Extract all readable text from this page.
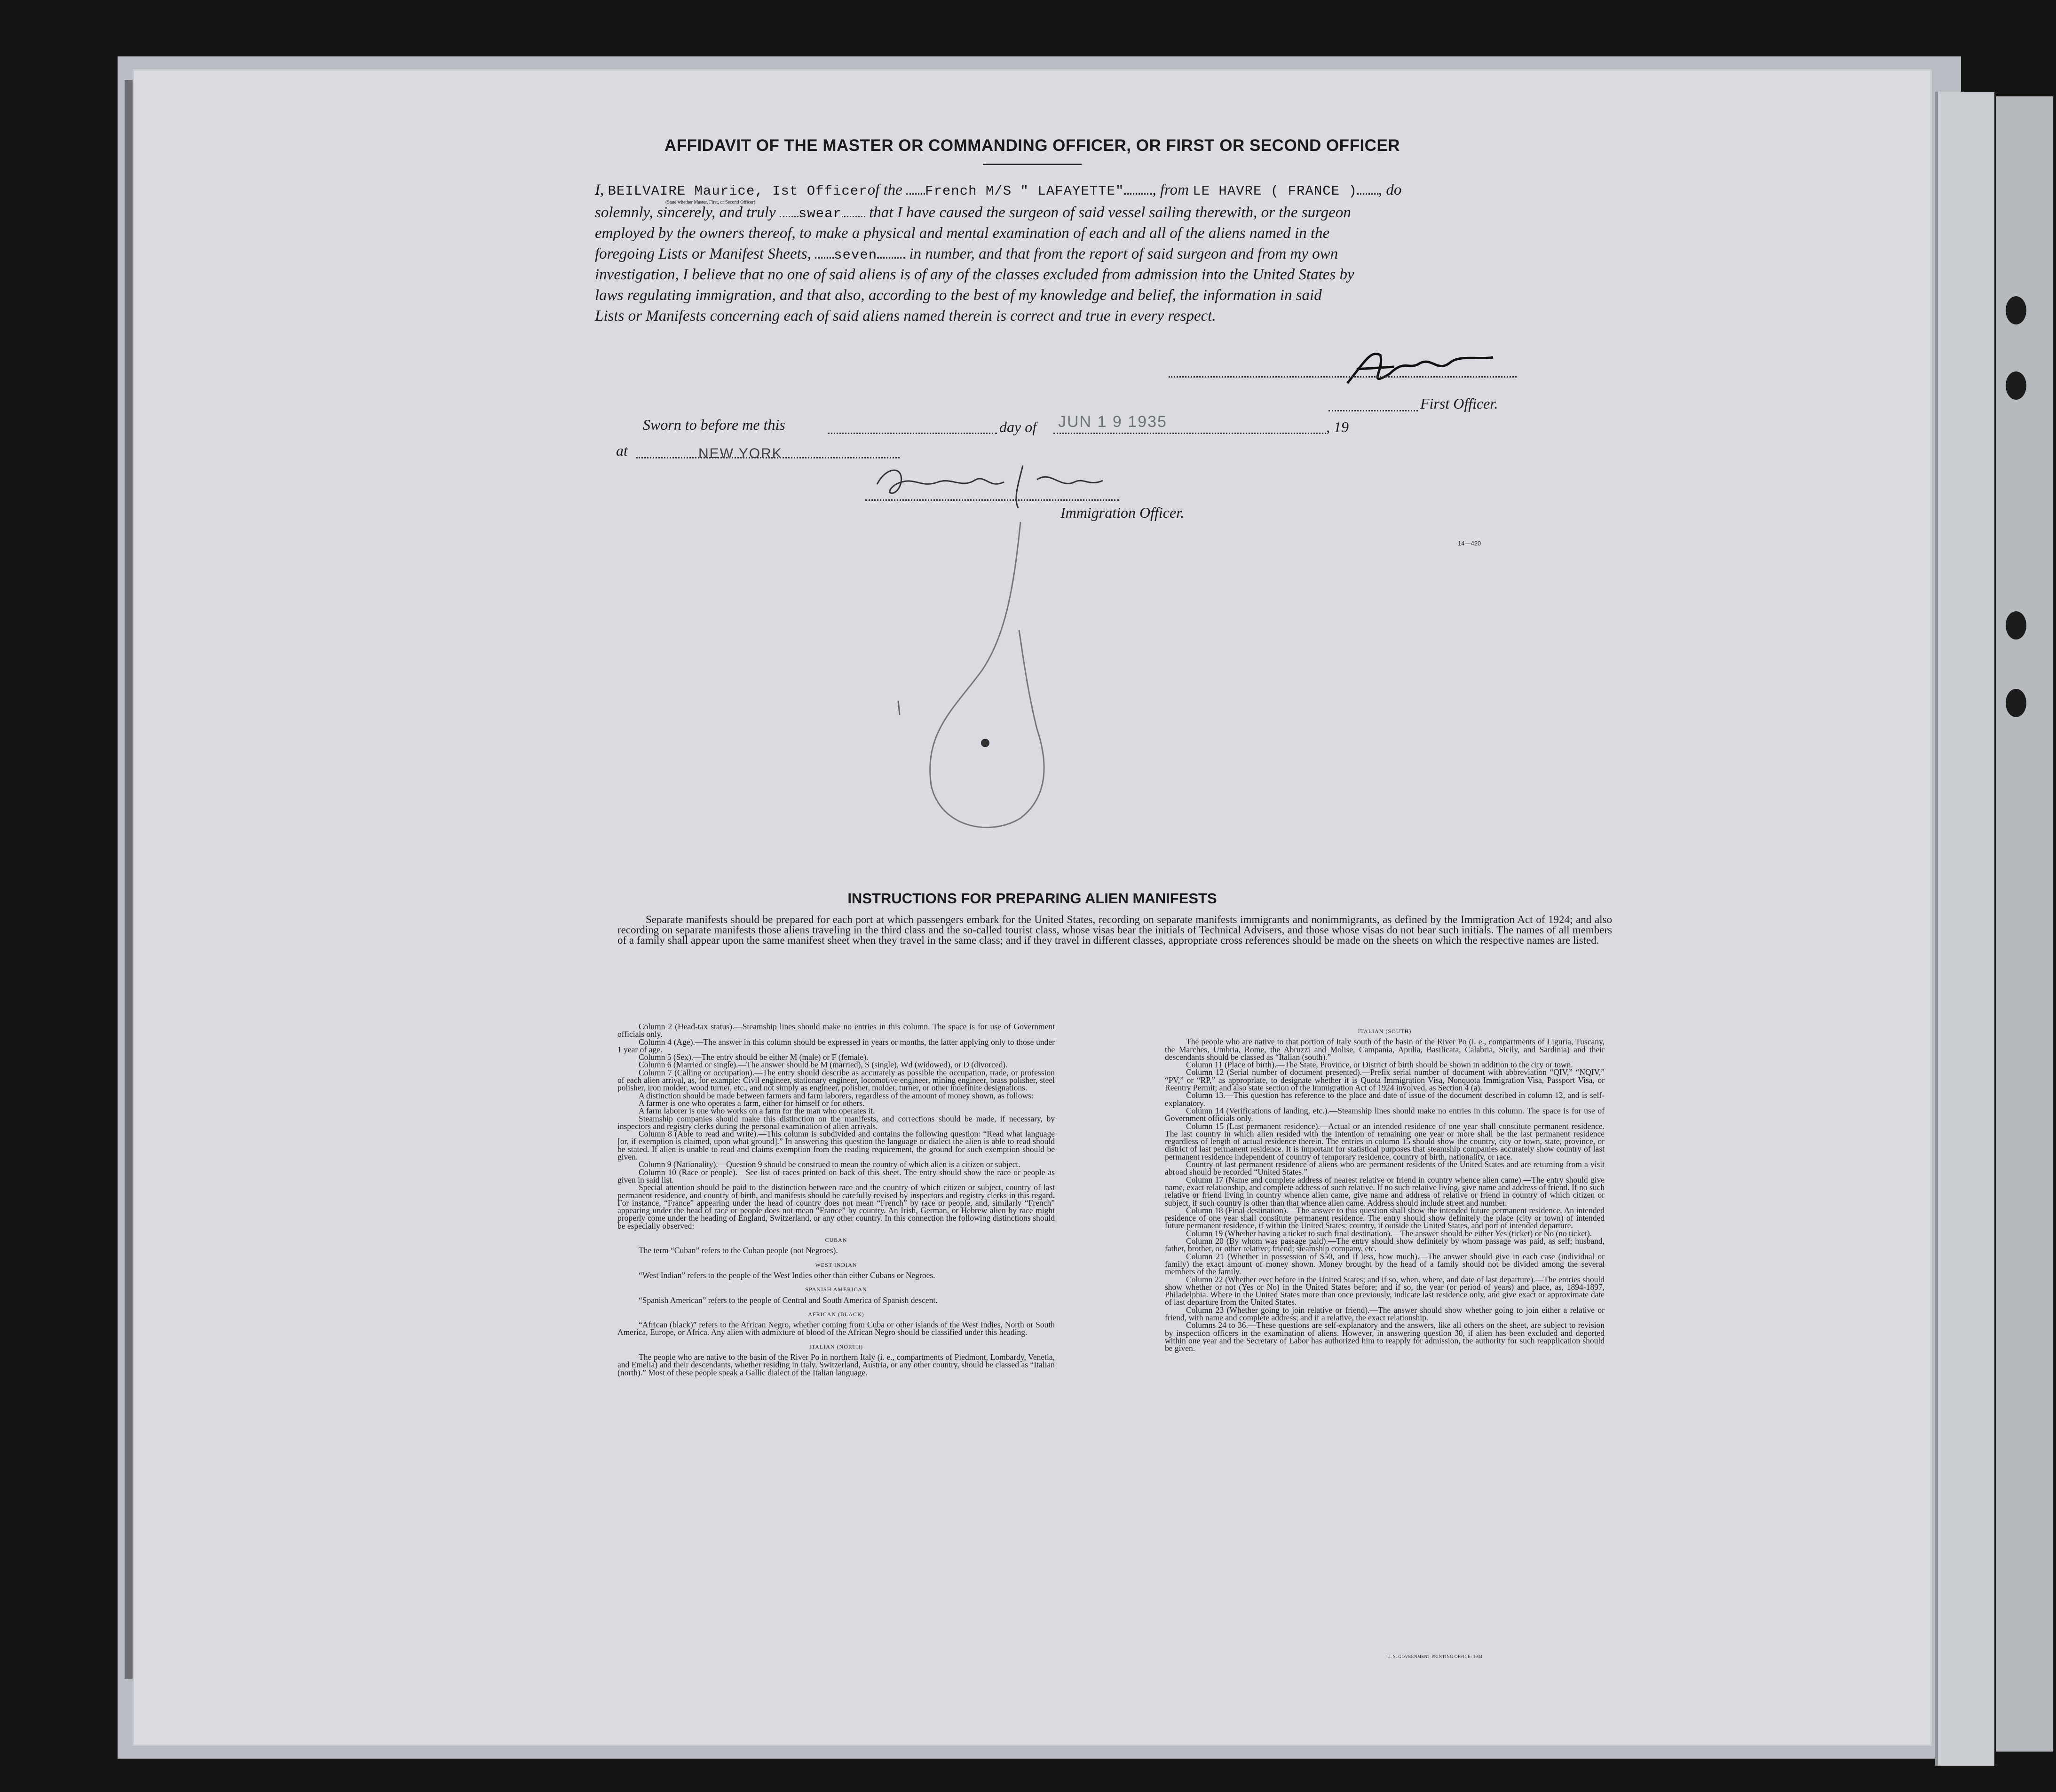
AFFIDAVIT OF THE MASTER OR COMMANDING OFFICER, OR FIRST OR SECOND OFFICER
I, BEILVAIRE Maurice, Ist Officerof the French M/S " LAFAYETTE" , from LE HAVRE ( FRANCE ) , do
(State whether Master, First, or Second Officer)
solemnly, sincerely, and truly swear that I have caused the surgeon of said vessel sailing therewith, or the surgeon
employed by the owners thereof, to make a physical and mental examination of each and all of the aliens named in the
foregoing Lists or Manifest Sheets, seven in number, and that from the report of said surgeon and from my own
investigation, I believe that no one of said aliens is of any of the classes excluded from admission into the United States by
laws regulating immigration, and that also, according to the best of my knowledge and belief, the information in said
Lists or Manifests concerning each of said aliens named therein is correct and true in every respect.
First Officer.
Sworn to before me this	day of JUN 1 9 1935	, 19
at	NEW YORK
Immigration Officer.
14—420
INSTRUCTIONS FOR PREPARING ALIEN MANIFESTS
Separate manifests should be prepared for each port at which passengers embark for the United States, recording on separate manifests immigrants and nonimmigrants, as defined by the Immigration Act of 1924; and also recording on separate manifests those aliens traveling in the third class and the so-called tourist class, whose visas bear the initials of Technical Advisers, and those whose visas do not bear such initials. The names of all members of a family shall appear upon the same manifest sheet when they travel in the same class; and if they travel in different classes, appropriate cross references should be made on the sheets on which the respective names are listed.

Column 2 (Head-tax status).—Steamship lines should make no entries in this column. The space is for use of Government officials only.

Column 4 (Age).—The answer in this column should be expressed in years or months, the latter applying only to those under 1 year of age.

Column 5 (Sex).—The entry should be either M (male) or F (female).

Column 6 (Married or single).—The answer should be M (married), S (single), Wd (widowed), or D (divorced).

Column 7 (Calling or occupation).—The entry should describe as accurately as possible the occupation, trade, or profession of each alien arrival, as, for example: Civil engineer, stationary engineer, locomotive engineer, mining engineer, brass polisher, steel polisher, iron molder, wood turner, etc., and not simply as engineer, polisher, molder, turner, or other indefinite designations.

A distinction should be made between farmers and farm laborers, regardless of the amount of money shown, as follows:

A farmer is one who operates a farm, either for himself or for others.

A farm laborer is one who works on a farm for the man who operates it.

Steamship companies should make this distinction on the manifests, and corrections should be made, if necessary, by inspectors and registry clerks during the personal examination of alien arrivals.

Column 8 (Able to read and write).—This column is subdivided and contains the following question: “Read what language [or, if exemption is claimed, upon what ground].” In answering this question the language or dialect the alien is able to read should be stated. If alien is unable to read and claims exemption from the reading requirement, the ground for such exemption should be given.

Column 9 (Nationality).—Question 9 should be construed to mean the country of which alien is a citizen or subject.

Column 10 (Race or people).—See list of races printed on back of this sheet. The entry should show the race or people as given in said list.

Special attention should be paid to the distinction between race and the country of which citizen or subject, country of last permanent residence, and country of birth, and manifests should be carefully revised by inspectors and registry clerks in this regard. For instance, “France” appearing under the head of country does not mean “French” by race or people, and, similarly “French” appearing under the head of race or people does not mean “France” by country. An Irish, German, or Hebrew alien by race might properly come under the heading of England, Switzerland, or any other country. In this connection the following distinctions should be especially observed:

CUBAN

The term “Cuban” refers to the Cuban people (not Negroes).

WEST INDIAN

“West Indian” refers to the people of the West Indies other than either Cubans or Negroes.

SPANISH AMERICAN

“Spanish American” refers to the people of Central and South America of Spanish descent.

AFRICAN (BLACK)

“African (black)” refers to the African Negro, whether coming from Cuba or other islands of the West Indies, North or South America, Europe, or Africa. Any alien with admixture of blood of the African Negro should be classified under this heading.

ITALIAN (NORTH)

The people who are native to the basin of the River Po in northern Italy (i. e., compartments of Piedmont, Lombardy, Venetia, and Emelia) and their descendants, whether residing in Italy, Switzerland, Austria, or any other country, should be classed as “Italian (north).” Most of these people speak a Gallic dialect of the Italian language.

ITALIAN (SOUTH)

The people who are native to that portion of Italy south of the basin of the River Po (i. e., compartments of Liguria, Tuscany, the Marches, Umbria, Rome, the Abruzzi and Molise, Campania, Apulia, Basilicata, Calabria, Sicily, and Sardinia) and their descendants should be classed as “Italian (south).”

Column 11 (Place of birth).—The State, Province, or District of birth should be shown in addition to the city or town.

Column 12 (Serial number of document presented).—Prefix serial number of document with abbreviation “QIV,” “NQIV,” “PV,” or “RP,” as appropriate, to designate whether it is Quota Immigration Visa, Nonquota Immigration Visa, Passport Visa, or Reentry Permit; and also state section of the Immigration Act of 1924 involved, as Section 4 (a).

Column 13.—This question has reference to the place and date of issue of the document described in column 12, and is self-explanatory.

Column 14 (Verifications of landing, etc.).—Steamship lines should make no entries in this column. The space is for use of Government officials only.

Column 15 (Last permanent residence).—Actual or an intended residence of one year shall constitute permanent residence. The last country in which alien resided with the intention of remaining one year or more shall be the last permanent residence regardless of length of actual residence therein. The entries in column 15 should show the country, city or town, state, province, or district of last permanent residence. It is important for statistical purposes that steamship companies accurately show country of last permanent residence independent of country of temporary residence, country of birth, nationality, or race.

Country of last permanent residence of aliens who are permanent residents of the United States and are returning from a visit abroad should be recorded “United States.”

Column 17 (Name and complete address of nearest relative or friend in country whence alien came).—The entry should give name, exact relationship, and complete address of such relative. If no such relative living, give name and address of friend. If no such relative or friend living in country whence alien came, give name and address of relative or friend in country of which citizen or subject, if such country is other than that whence alien came. Address should include street and number.

Column 18 (Final destination).—The answer to this question shall show the intended future permanent residence. An intended residence of one year shall constitute permanent residence. The entry should show definitely the place (city or town) of intended future permanent residence, if within the United States; country, if outside the United States, and port of intended departure.

Column 19 (Whether having a ticket to such final destination).—The answer should be either Yes (ticket) or No (no ticket).

Column 20 (By whom was passage paid).—The entry should show definitely by whom passage was paid, as self; husband, father, brother, or other relative; friend; steamship company, etc.

Column 21 (Whether in possession of $50, and if less, how much).—The answer should give in each case (individual or family) the exact amount of money shown. Money brought by the head of a family should not be divided among the several members of the family.

Column 22 (Whether ever before in the United States; and if so, when, where, and date of last departure).—The entries should show whether or not (Yes or No) in the United States before; and if so, the year (or period of years) and place, as, 1894-1897, Philadelphia. Where in the United States more than once previously, indicate last residence only, and give exact or approximate date of last departure from the United States.

Column 23 (Whether going to join relative or friend).—The answer should show whether going to join either a relative or friend, with name and complete address; and if a relative, the exact relationship.

Columns 24 to 36.—These questions are self-explanatory and the answers, like all others on the sheet, are subject to revision by inspection officers in the examination of aliens. However, in answering question 30, if alien has been excluded and deported within one year and the Secretary of Labor has authorized him to reapply for admission, the authority for such reapplication should be given.

U. S. GOVERNMENT PRINTING OFFICE: 1934
